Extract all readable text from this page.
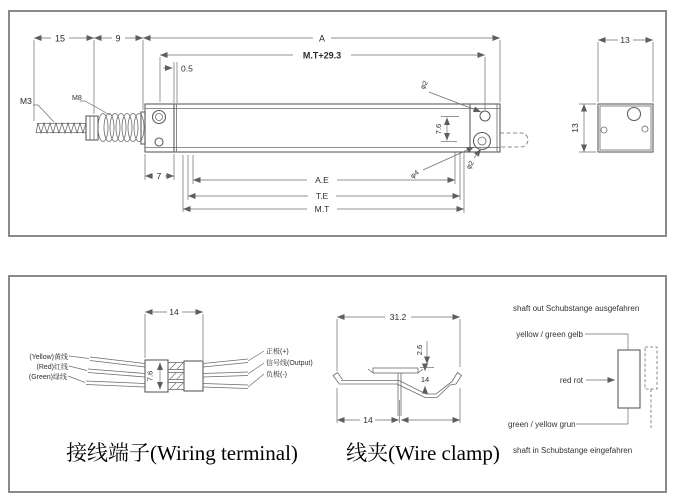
15	9	A
M.T+29.3
0.5
M3	M8
7	A.E
T.E
M.T
7.6
φ2
φ4
φ2
13
13
14
7.6
(Yellow)黄线
(Red)红线
(Green)绿线
正极(+)
信号线(Output)
负极(-)
接线端子(Wiring terminal)
31.2
2.6
14
14
线夹(Wire clamp)
shaft out Schubstange ausgefahren
yellow / green gelb
red rot
green / yellow grun
shaft in Schubstange eingefahren
